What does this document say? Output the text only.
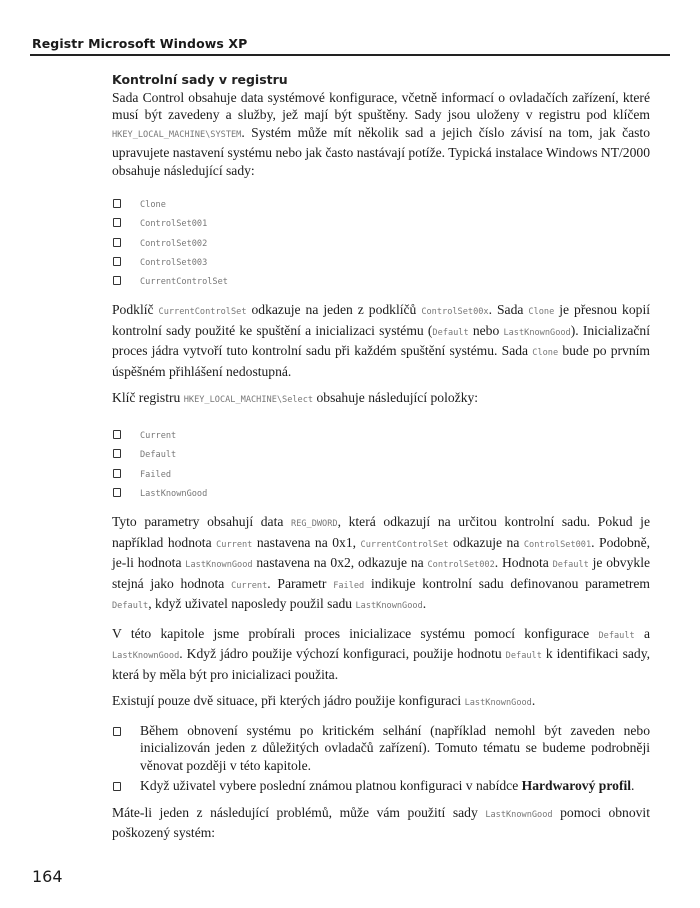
Registr Microsoft Windows XP
Kontrolní sady v registru

Sada Control obsahuje data systémové konfigurace, včetně informací o ovladačích zařízení, které musí být zavedeny a služby, jež mají být spuštěny. Sady jsou uloženy v registru pod klíčem HKEY_LOCAL_MACHINE\SYSTEM. Systém může mít několik sad a jejich číslo závisí na tom, jak často upravujete nastavení systému nebo jak často nastávají potíže. Typická instalace Windows NT/2000 obsahuje následující sady:

Clone
ControlSet001
ControlSet002
ControlSet003
CurrentControlSet

Podklíč CurrentControlSet odkazuje na jeden z podklíčů ControlSet00x. Sada Clone je přesnou kopií kontrolní sady použité ke spuštění a inicializaci systému (Default nebo LastKnownGood). Inicializační proces jádra vytvoří tuto kontrolní sadu při každém spuštění systému. Sada Clone bude po prvním úspěšném přihlášení nedostupná.

Klíč registru HKEY_LOCAL_MACHINE\Select obsahuje následující položky:

Current
Default
Failed
LastKnownGood

Tyto parametry obsahují data REG_DWORD, která odkazují na určitou kontrolní sadu. Pokud je například hodnota Current nastavena na 0x1, CurrentControlSet odkazuje na ControlSet001. Podobně, je-li hodnota LastKnownGood nastavena na 0x2, odkazuje na ControlSet002. Hodnota Default je obvykle stejná jako hodnota Current. Parametr Failed indikuje kontrolní sadu definovanou parametrem Default, když uživatel naposledy použil sadu LastKnownGood.

V této kapitole jsme probírali proces inicializace systému pomocí konfigurace Default a LastKnownGood. Když jádro použije výchozí konfiguraci, použije hodnotu Default k identifikaci sady, která by měla být pro inicializaci použita.

Existují pouze dvě situace, při kterých jádro použije konfiguraci LastKnownGood.

Během obnovení systému po kritickém selhání (například nemohl být zaveden nebo inicializován jeden z důležitých ovladačů zařízení). Tomuto tématu se budeme podrobněji věnovat později v této kapitole.
Když uživatel vybere poslední známou platnou konfiguraci v nabídce Hardwarový profil.

Máte-li jeden z následující problémů, může vám použití sady LastKnownGood pomoci obnovit poškozený systém:

164
